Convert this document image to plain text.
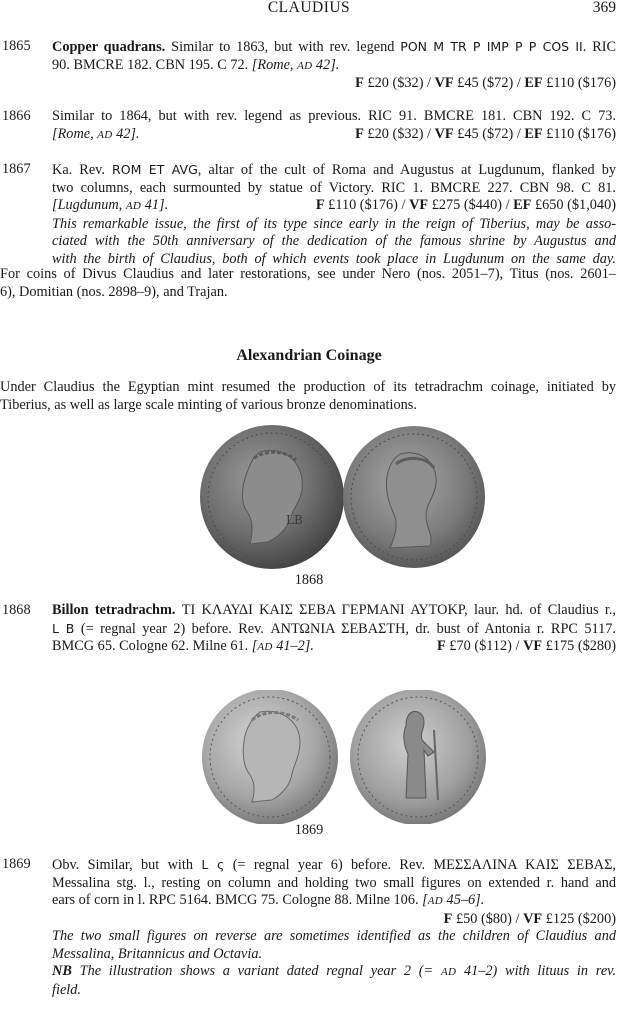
CLAUDIUS	369
1865 Copper quadrans. Similar to 1863, but with rev. legend PON M TR P IMP P P COS II. RIC
90. BMCRE 182. CBN 195. C 72. [Rome, AD 42].
F £20 ($32) / VF £45 ($72) / EF £110 ($176)
1866 Similar to 1864, but with rev. legend as previous. RIC 91. BMCRE 181. CBN 192. C 73.
[Rome, AD 42].	F £20 ($32) / VF £45 ($72) / EF £110 ($176)
1867 Ka. Rev. ROM ET AVG, altar of the cult of Roma and Augustus at Lugdunum, flanked by
two columns, each surmounted by statue of Victory. RIC 1. BMCRE 227. CBN 98. C 81.
[Lugdunum, AD 41].	F £110 ($176) / VF £275 ($440) / EF £650 ($1,040)
This remarkable issue, the first of its type since early in the reign of Tiberius, may be asso-
ciated with the 50th anniversary of the dedication of the famous shrine by Augustus and
with the birth of Claudius, both of which events took place in Lugdunum on the same day.
For coins of Divus Claudius and later restorations, see under Nero (nos. 2051–7), Titus (nos. 2601–
6), Domitian (nos. 2898–9), and Trajan.
Alexandrian Coinage
Under Claudius the Egyptian mint resumed the production of its tetradrachm coinage, initiated by
Tiberius, as well as large scale minting of various bronze denominations.
LB
1868
1868 Billon tetradrachm. ΤΙ ΚΛΑΥΔΙ ΚΑΙΣ ΣΕΒΑ ΓΕΡΜΑΝΙ ΑΥΤΟΚΡ, laur. hd. of Claudius r.,
L B (= regnal year 2) before. Rev. ΑΝΤΩΝΙΑ ΣΕΒΑΣΤΗ, dr. bust of Antonia r. RPC 5117.
BMCG 65. Cologne 62. Milne 61. [AD 41–2].	F £70 ($112) / VF £175 ($280)
1869
1869 Obv. Similar, but with L ς (= regnal year 6) before. Rev. ΜΕΣΣΑΛΙΝΑ ΚΑΙΣ ΣΕΒΑΣ,
Messalina stg. l., resting on column and holding two small figures on extended r. hand and
ears of corn in l. RPC 5164. BMCG 75. Cologne 88. Milne 106. [AD 45–6].
F £50 ($80) / VF £125 ($200)
The two small figures on reverse are sometimes identified as the children of Claudius and
Messalina, Britannicus and Octavia.
NB The illustration shows a variant dated regnal year 2 (= AD 41–2) with lituus in rev.
field.
